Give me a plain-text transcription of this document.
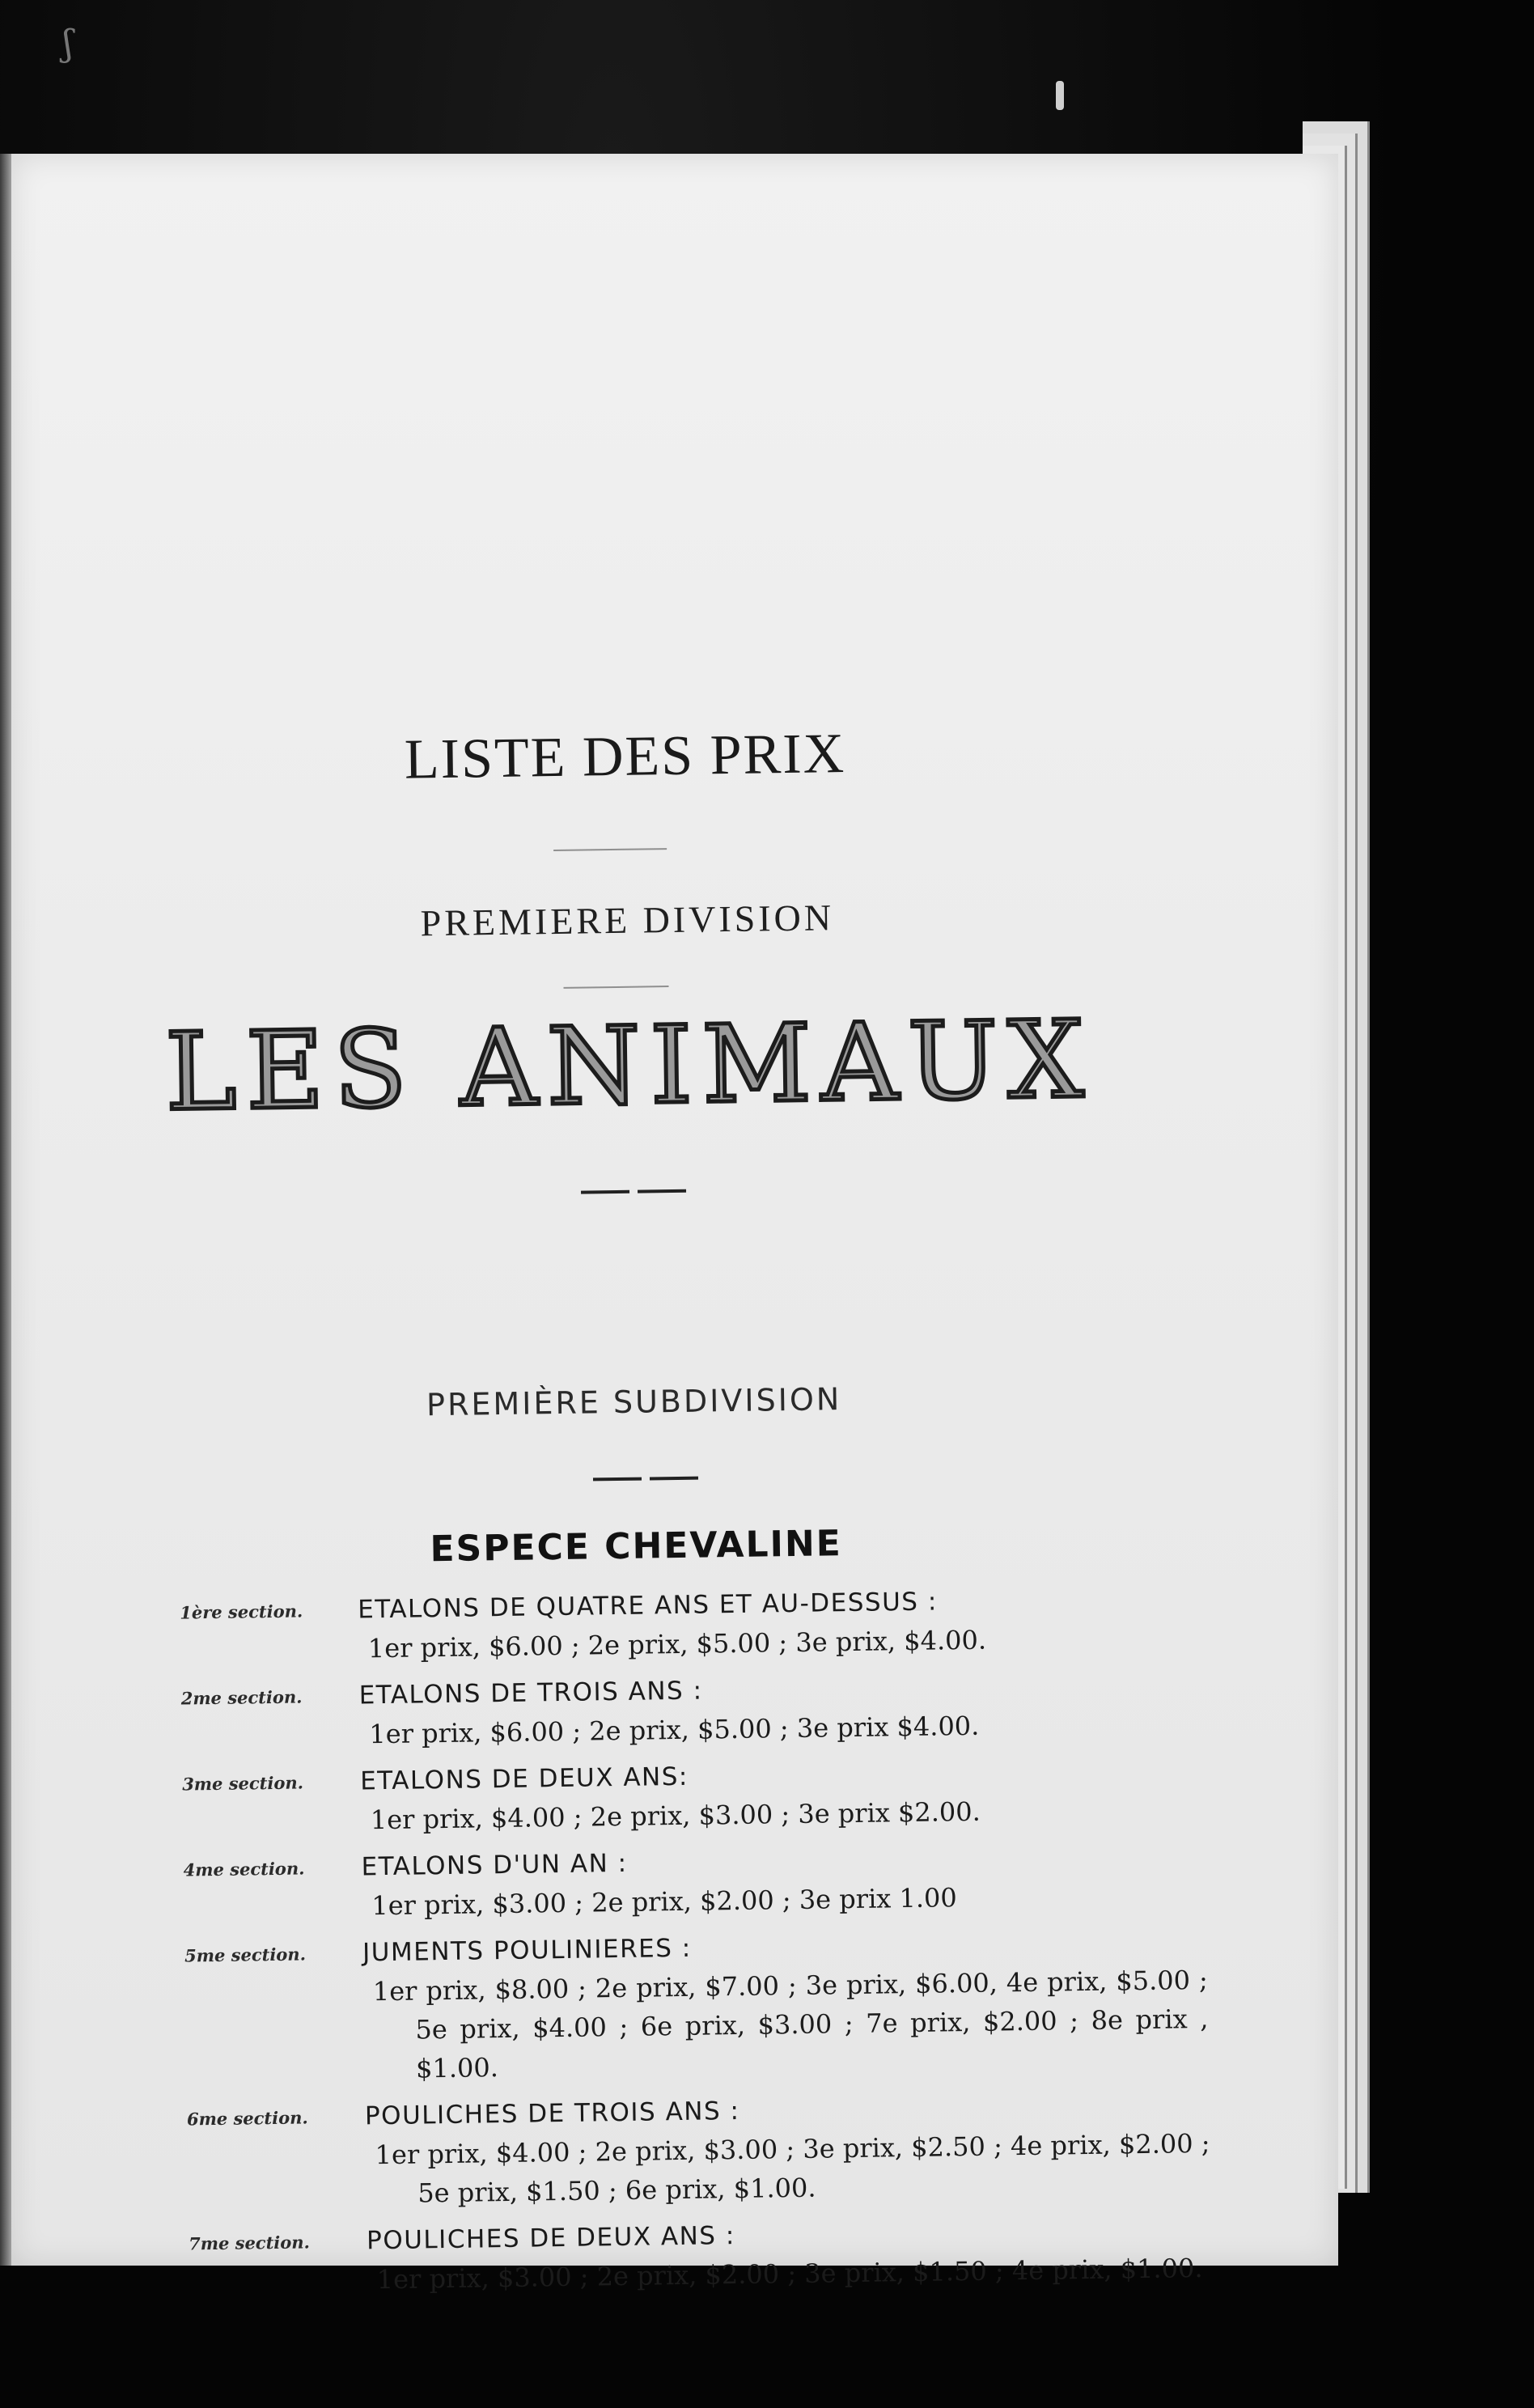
ʃ
LISTE DES PRIX
PREMIERE DIVISION
LES ANIMAUX
PREMIÈRE SUBDIVISION
ESPECE CHEVALINE
1ère section.	ETALONS DE QUATRE ANS ET AU-DESSUS :
1er prix, $6.00 ; 2e prix, $5.00 ; 3e prix, $4.00.
2me section.	ETALONS DE TROIS ANS :
1er prix, $6.00 ; 2e prix, $5.00 ; 3e prix $4.00.
3me section.	ETALONS DE DEUX ANS:
1er prix, $4.00 ; 2e prix, $3.00 ; 3e prix $2.00.
4me section.	ETALONS D'UN AN :
1er prix, $3.00 ; 2e prix, $2.00 ; 3e prix 1.00
5me section.	JUMENTS POULINIERES :
1er prix, $8.00 ; 2e prix, $7.00 ; 3e prix, $6.00, 4e prix, $5.00 ; 5e prix, $4.00 ; 6e prix, $3.00 ; 7e prix, $2.00 ; 8e prix , $1.00.
6me section.	POULICHES DE TROIS ANS :
1er prix, $4.00 ; 2e prix, $3.00 ; 3e prix, $2.50 ; 4e prix, $2.00 ; 5e prix, $1.50 ; 6e prix, $1.00.
7me section.	POULICHES DE DEUX ANS :
1er prix, $3.00 ; 2e prix, $2.00 ; 3e prix, $1.50 ; 4e prix, $1.00.
